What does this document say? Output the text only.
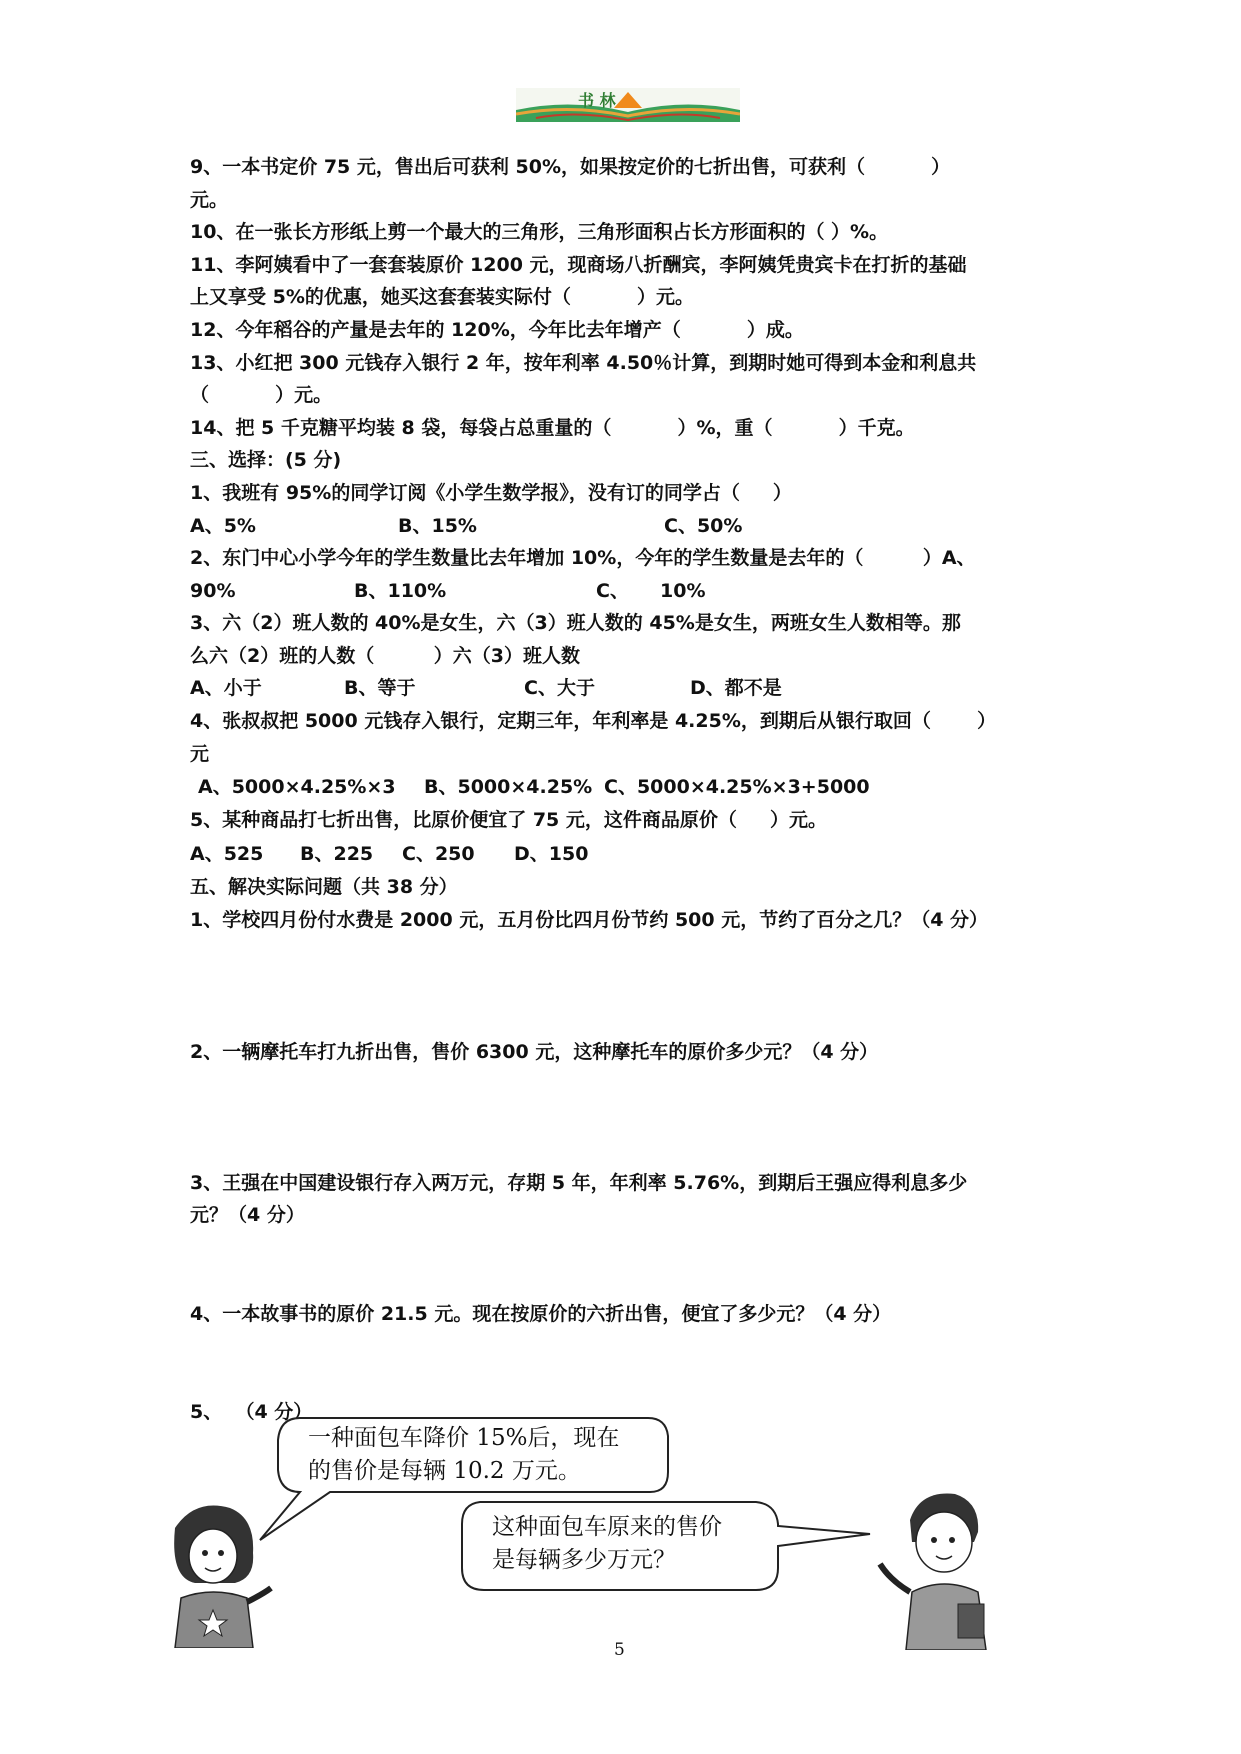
书 林
9、一本书定价 75 元，售出后可获利 50%，如果按定价的七折出售，可获利（          ）
元。
10、在一张长方形纸上剪一个最大的三角形，三角形面积占长方形面积的（ ）%。
11、李阿姨看中了一套套装原价 1200 元，现商场八折酬宾，李阿姨凭贵宾卡在打折的基础
上又享受 5%的优惠，她买这套套装实际付（          ）元。
12、今年稻谷的产量是去年的 120%，今年比去年增产（          ）成。
13、小红把 300 元钱存入银行 2 年，按年利率 4.50％计算，到期时她可得到本金和利息共
（          ）元。
14、把 5 千克糖平均装 8 袋，每袋占总重量的（          ）%，重（          ）千克。
三、选择：(5 分)
1、我班有 95%的同学订阅《小学生数学报》，没有订的同学占（     ）
A、5%	B、15%	C、50%
2、东门中心小学今年的学生数量比去年增加 10%，今年的学生数量是去年的（         ）A、
90%	B、110%	C、 10%
3、六（2）班人数的 40%是女生，六（3）班人数的 45%是女生，两班女生人数相等。那
么六（2）班的人数（         ）六（3）班人数
A、小于	B、等于	C、大于	D、都不是
4、张叔叔把 5000 元钱存入银行，定期三年，年利率是 4.25%，到期后从银行取回（       ）
元
A、5000×4.25%×3 B、5000×4.25% C、5000×4.25%×3+5000
5、某种商品打七折出售，比原价便宜了 75 元，这件商品原价（     ）元。
A、525 B、225 C、250 D、150
五、解决实际问题（共 38 分）
1、学校四月份付水费是 2000 元，五月份比四月份节约 500 元，节约了百分之几？（4 分）
2、一辆摩托车打九折出售，售价 6300 元，这种摩托车的原价多少元？（4 分）
3、王强在中国建设银行存入两万元，存期 5 年，年利率 5.76%，到期后王强应得利息多少
元？（4 分）
4、一本故事书的原价 21.5 元。现在按原价的六折出售，便宜了多少元？（4 分）
5、  （4 分）
一种面包车降价 15%后，现在
的售价是每辆 10.2 万元。
这种面包车原来的售价
是每辆多少万元？
5
